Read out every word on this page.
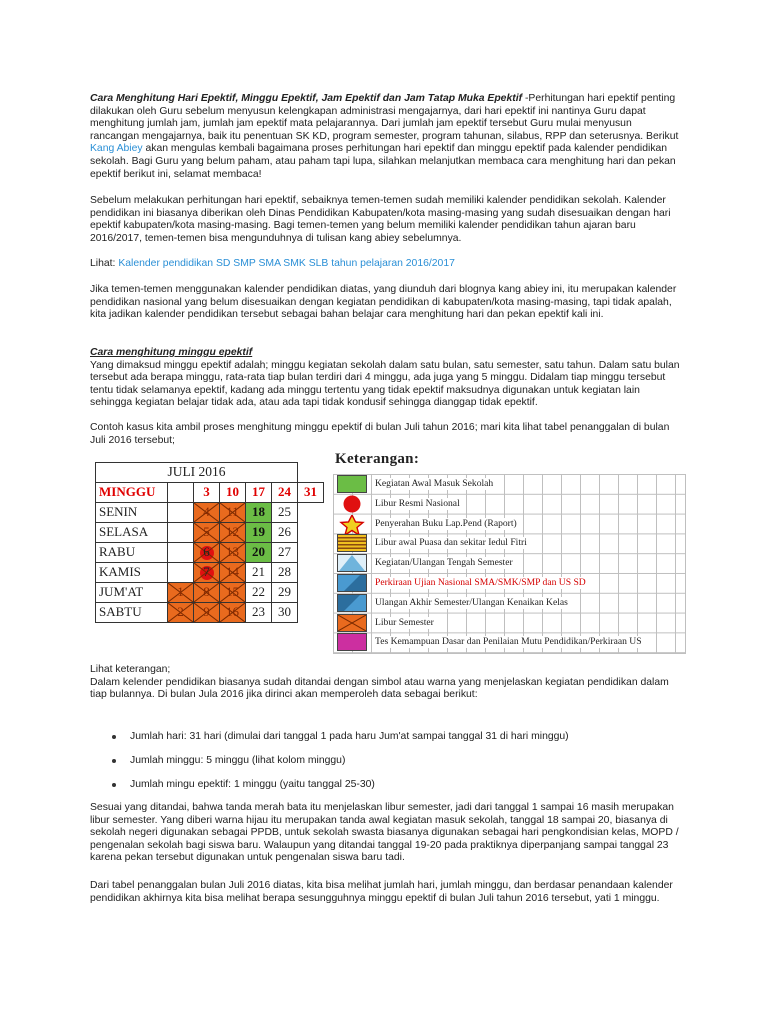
Cara Menghitung Hari Epektif, Minggu Epektif, Jam Epektif dan Jam Tatap Muka Epektif -Perhitungan hari epektif penting dilakukan oleh Guru sebelum menyusun kelengkapan administrasi mengajarnya, dari hari epektif ini nantinya Guru dapat menghitung jumlah jam, jumlah jam epektif mata pelajarannya. Dari jumlah jam epektif tersebut Guru mulai menyusun rancangan mengajarnya, baik itu penentuan SK KD, program semester, program tahunan, silabus, RPP dan seterusnya. Berikut Kang Abiey akan mengulas kembali bagaimana proses perhitungan hari epektif dan minggu epektif pada kalender pendidikan sekolah. Bagi Guru yang belum paham, atau paham tapi lupa, silahkan melanjutkan membaca cara menghitung hari dan pekan epektif berikut ini, selamat membaca!

Sebelum melakukan perhitungan hari epektif, sebaiknya temen-temen sudah memiliki kalender pendidikan sekolah. Kalender pendidikan ini biasanya diberikan oleh Dinas Pendidikan Kabupaten/kota masing-masing yang sudah disesuaikan dengan hari epektif kabupaten/kota masing-masing. Bagi temen-temen yang belum memiliki kalender pendidikan tahun ajaran baru 2016/2017, temen-temen bisa mengunduhnya di tulisan kang abiey sebelumnya.

Lihat: Kalender pendidikan SD SMP SMA SMK SLB tahun pelajaran 2016/2017

Jika temen-temen menggunakan kalender pendidikan diatas, yang diunduh dari blognya kang abiey ini, itu merupakan kalender pendidikan nasional yang belum disesuaikan dengan kegiatan pendidikan di kabupaten/kota masing-masing, tapi tidak apalah, kita jadikan kalender pendidikan tersebut sebagai bahan belajar cara menghitung hari dan pekan epektif kali ini.

Cara menghitung minggu epektif

Yang dimaksud minggu epektif adalah; minggu kegiatan sekolah dalam satu bulan, satu semester, satu tahun. Dalam satu bulan tersebut ada berapa minggu, rata-rata tiap bulan terdiri dari 4 minggu, ada juga yang 5 minggu. Didalam tiap minggu tersebut tentu tidak selamanya epektif, kadang ada minggu tertentu yang tidak epektif maksudnya digunakan untuk kegiatan lain sehingga kegiatan belajar tidak ada, atau ada tapi tidak kondusif sehingga dianggap tidak epektif.

Contoh kasus kita ambil proses menghitung minggu epektif di bulan Juli tahun 2016; mari kita lihat tabel penanggalan di bulan Juli 2016 tersebut;

JULI 2016						
MINGGU		3	10	17	24	31
SENIN		4	11	18	25	
SELASA		5	12	19	26	
RABU		6	13	20	27	
KAMIS		7	14	21	28	
JUM'AT	1	8	15	22	29	
SABTU	2	9	16	23	30	
Keterangan:
Kegiatan Awal Masuk Sekolah
Libur Resmi Nasional
Penyerahan Buku Lap.Pend (Raport)
Libur awal Puasa dan sekitar Iedul Fitri
Kegiatan/Ulangan Tengah Semester
Perkiraan Ujian Nasional SMA/SMK/SMP dan US SD
Ulangan Akhir Semester/Ulangan Kenaikan Kelas
Libur Semester
Tes Kemampuan Dasar dan Penilaian Mutu Pendidikan/Perkiraan US

Lihat keterangan;

Dalam kelender pendidikan biasanya sudah ditandai dengan simbol atau warna yang menjelaskan kegiatan pendidikan dalam tiap bulannya. Di bulan Jula 2016 jika dirinci akan memperoleh data sebagai berikut:

Jumlah hari: 31 hari (dimulai dari tanggal 1 pada haru Jum'at sampai tanggal 31 di hari minggu)
Jumlah minggu: 5 minggu (lihat kolom minggu)
Jumlah mingu epektif: 1 minggu (yaitu tanggal 25-30)

Sesuai yang ditandai, bahwa tanda merah bata itu menjelaskan libur semester, jadi dari tanggal 1 sampai 16 masih merupakan libur semester. Yang diberi warna hijau itu merupakan tanda awal kegiatan masuk sekolah, tanggal 18 sampai 20, biasanya di sekolah negeri digunakan sebagai PPDB, untuk sekolah swasta biasanya digunakan sebagai hari pengkondisian kelas, MOPD / pengenalan sekolah bagi siswa baru. Walaupun yang ditandai tanggal 19-20 pada praktiknya diperpanjang sampai tanggal 23 karena pekan tersebut digunakan untuk pengenalan siswa baru tadi.

Dari tabel penanggalan bulan Juli 2016 diatas, kita bisa melihat jumlah hari, jumlah minggu, dan berdasar penandaan kalender pendidikan akhirnya kita bisa melihat berapa sesungguhnya minggu epektif di bulan Juli tahun 2016 tersebut, yati 1 minggu.
